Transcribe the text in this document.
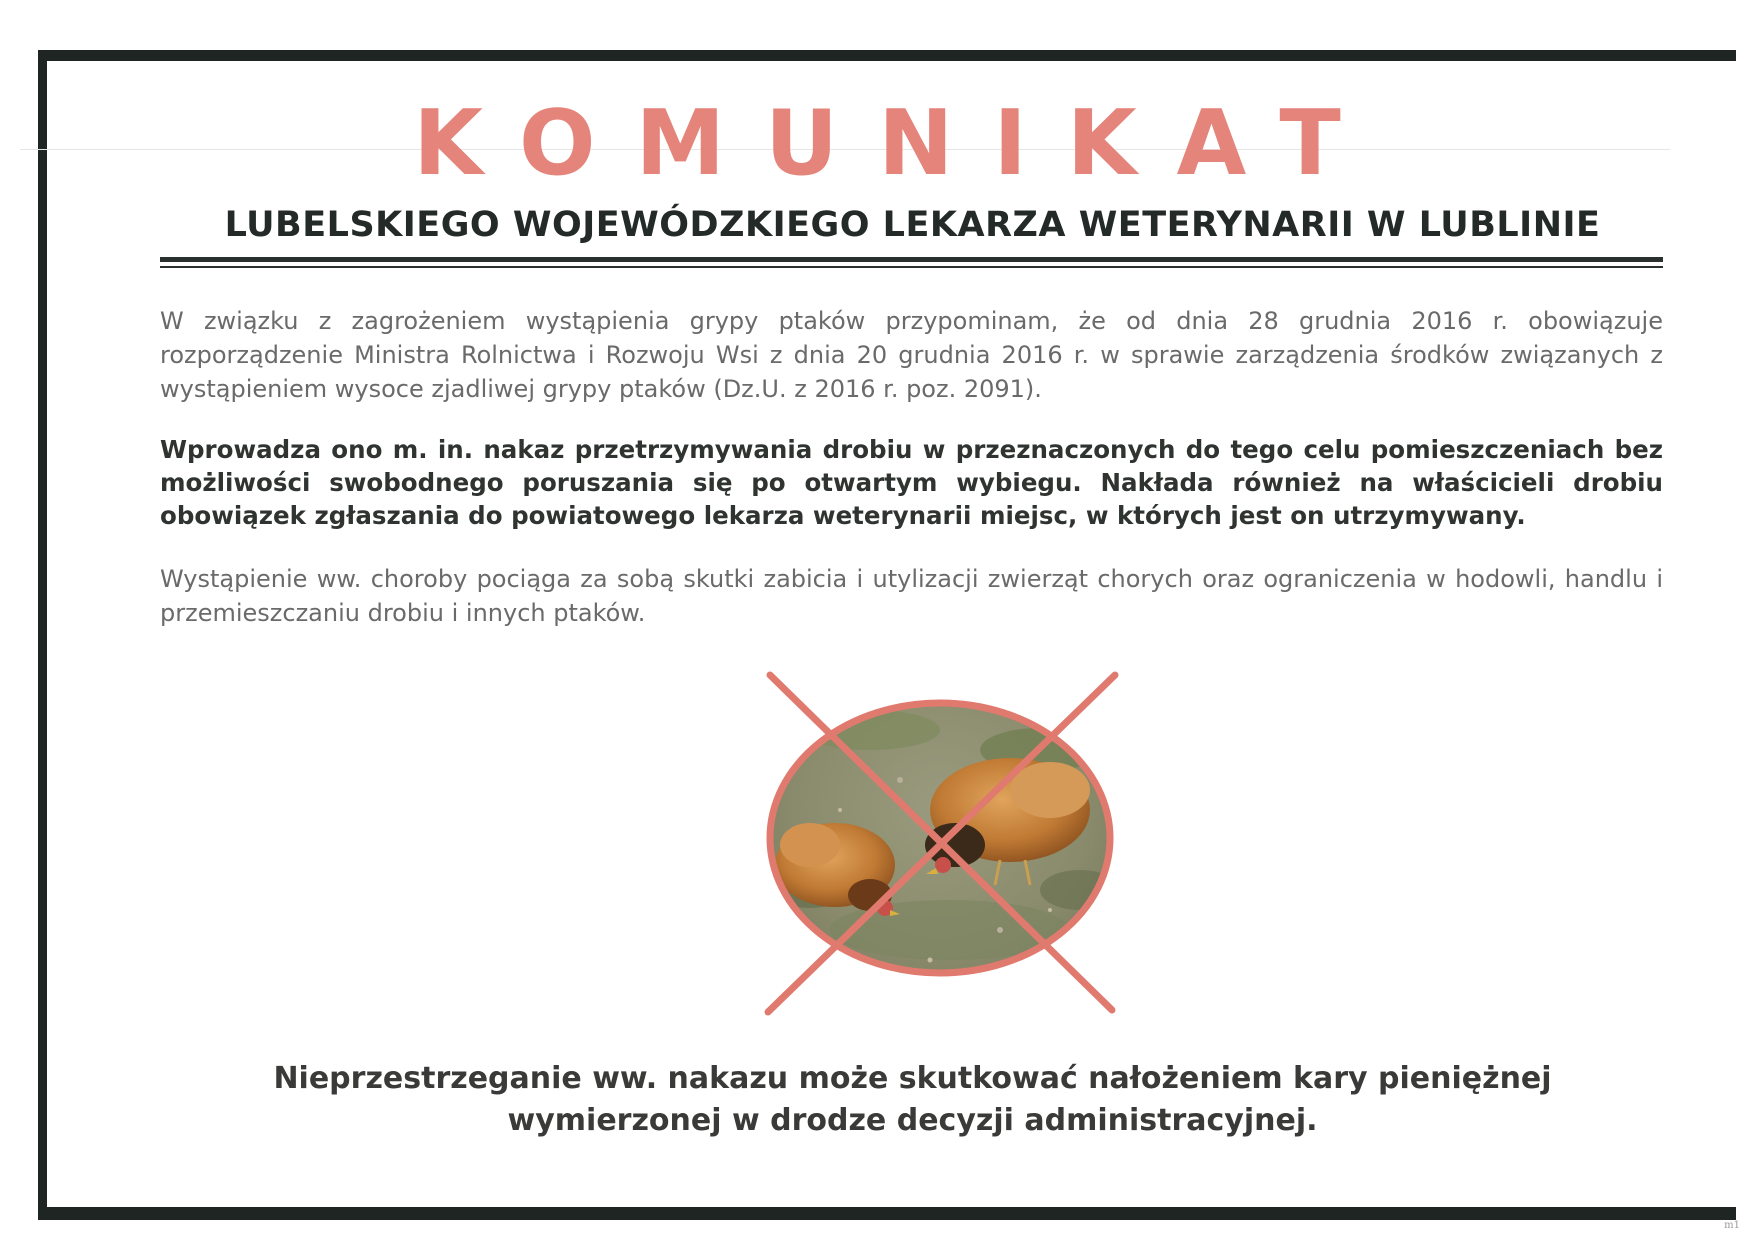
KOMUNIKAT
LUBELSKIEGO WOJEWÓDZKIEGO LEKARZA WETERYNARII W LUBLINIE

W związku z zagrożeniem wystąpienia grypy ptaków przypominam, że od dnia 28 grudnia 2016 r. obowiązuje rozporządzenie Ministra Rolnictwa i Rozwoju Wsi z dnia 20 grudnia 2016 r. w sprawie zarządzenia środków związanych z wystąpieniem wysoce zjadliwej grypy ptaków (Dz.U. z 2016 r. poz. 2091).

Wprowadza ono m. in. nakaz przetrzymywania drobiu w przeznaczonych do tego celu pomieszczeniach bez możliwości swobodnego poruszania się po otwartym wybiegu. Nakłada również na właścicieli drobiu obowiązek zgłaszania do powiatowego lekarza weterynarii miejsc, w których jest on utrzymywany.

Wystąpienie ww. choroby pociąga za sobą skutki zabicia i utylizacji zwierząt chorych oraz ograniczenia w hodowli, handlu i przemieszczaniu drobiu i innych ptaków.

Nieprzestrzeganie ww. nakazu może skutkować nałożeniem kary pieniężnej
wymierzonej w drodze decyzji administracyjnej.
m1
